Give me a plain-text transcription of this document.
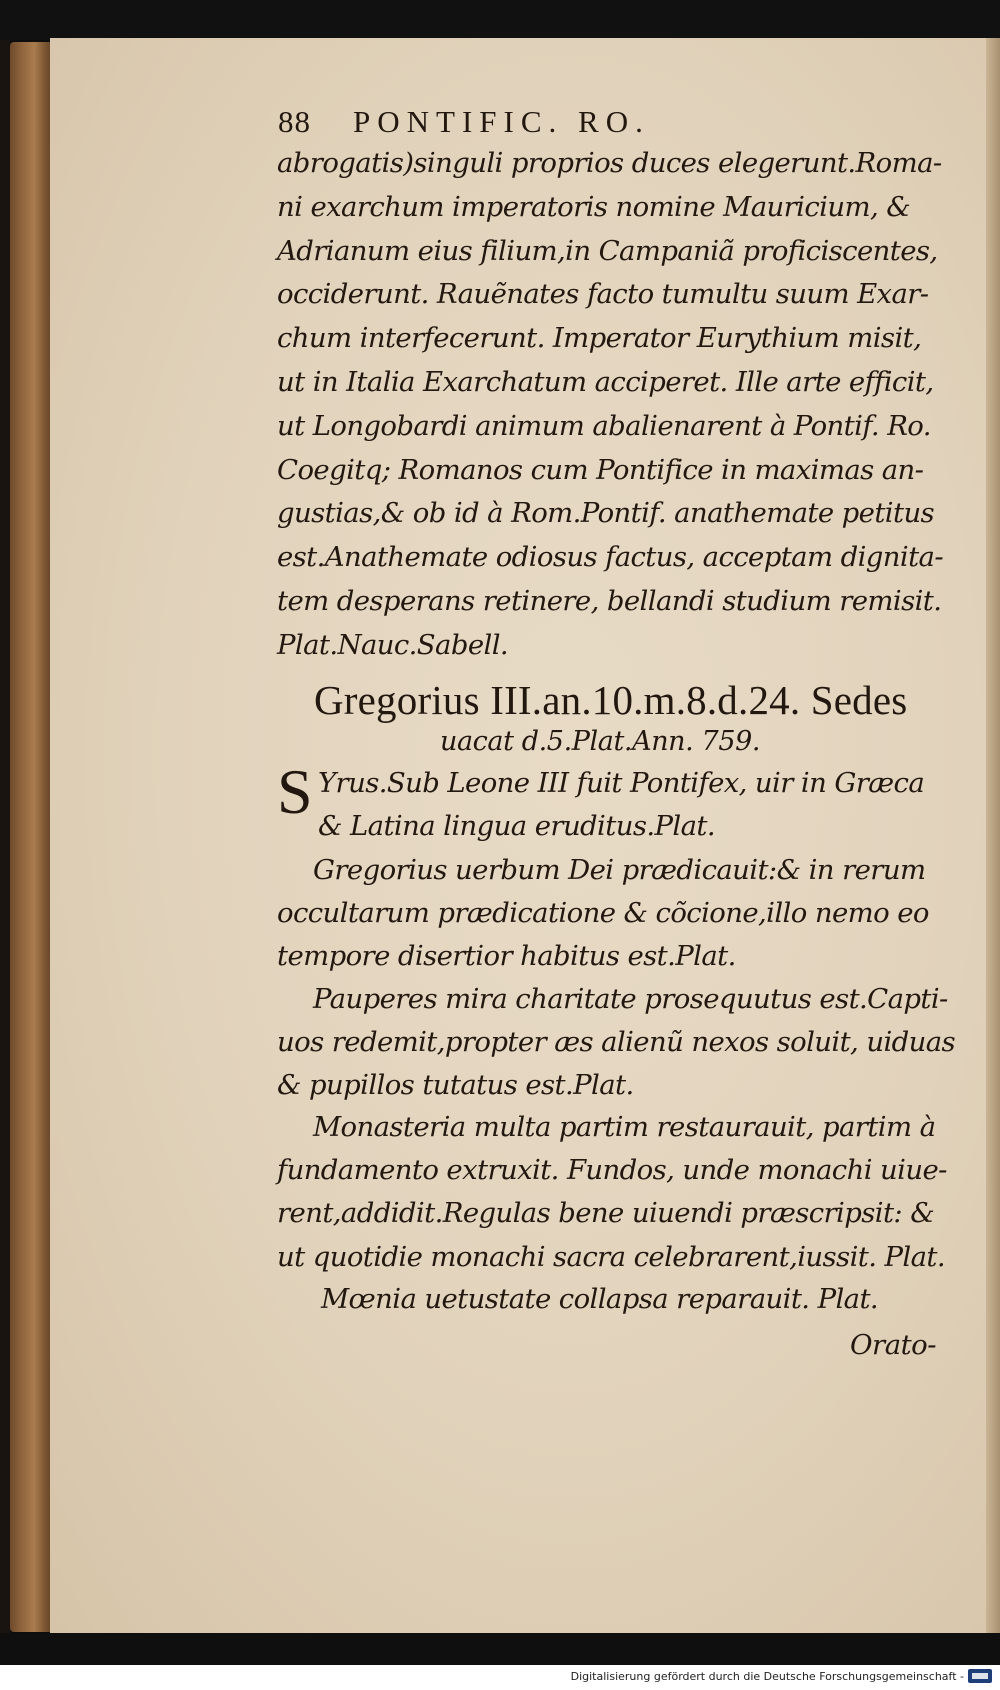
88 PONTIFIC. RO.
abrogatis)singuli proprios duces elegerunt.Roma-
ni exarchum imperatoris nomine Mauricium, &
Adrianum eius filium,in Campaniã proficiscentes,
occiderunt. Rauẽnates facto tumultu suum Exar-
chum interfecerunt. Imperator Eurythium misit,
ut in Italia Exarchatum acciperet. Ille arte efficit,
ut Longobardi animum abalienarent à Pontif. Ro.
Coegitq; Romanos cum Pontifice in maximas an-
gustias,& ob id à Rom.Pontif. anathemate petitus
est.Anathemate odiosus factus, acceptam dignita-
tem desperans retinere, bellandi studium remisit.
Plat.Nauc.Sabell.
Gregorius III.an.10.m.8.d.24. Sedes
uacat d.5.Plat.Ann. 759.
S Yrus.Sub Leone III fuit Pontifex, uir in Græca
& Latina lingua eruditus.Plat.
Gregorius uerbum Dei prædicauit:& in rerum
occultarum prædicatione & cõcione,illo nemo eo
tempore disertior habitus est.Plat.
Pauperes mira charitate prosequutus est.Capti-
uos redemit,propter æs alienũ nexos soluit, uiduas
& pupillos tutatus est.Plat.
Monasteria multa partim restaurauit, partim à
fundamento extruxit. Fundos, unde monachi uiue-
rent,addidit.Regulas bene uiuendi præscripsit: &
ut quotidie monachi sacra celebrarent,iussit. Plat.
Mœnia uetustate collapsa reparauit. Plat.
Orato-

Digitalisierung gefördert durch die Deutsche Forschungsgemeinschaft -
